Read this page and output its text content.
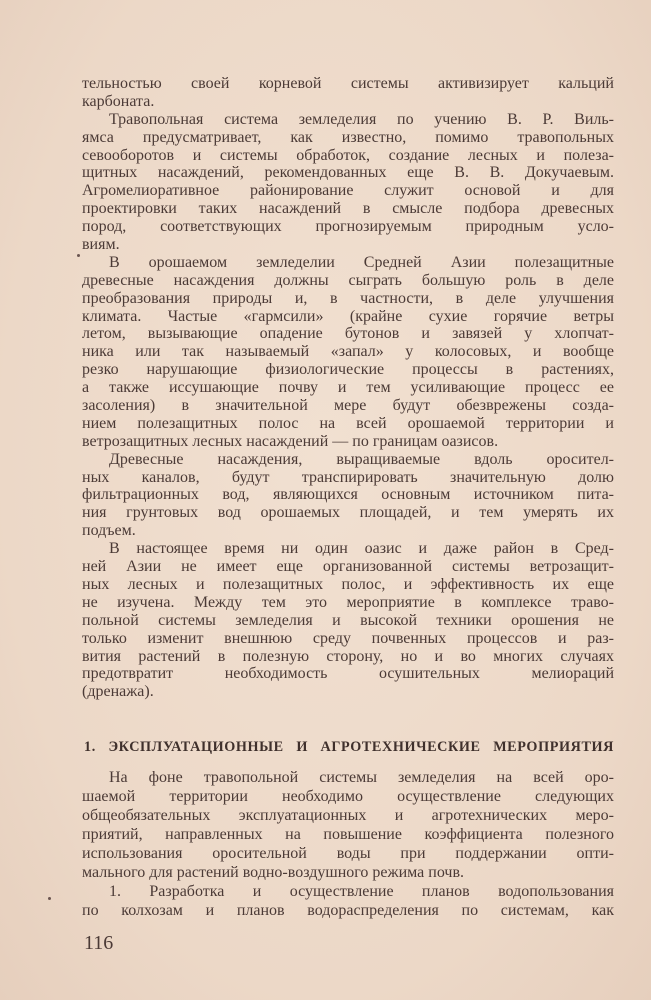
тельностью своей корневой системы активизирует кальций
карбоната.
Травопольная система земледелия по учению В. Р. Виль-
ямса предусматривает, как известно, помимо травопольных
севооборотов и системы обработок, создание лесных и полеза-
щитных насаждений, рекомендованных еще В. В. Докучаевым.
Агромелиоративное районирование служит основой и для
проектировки таких насаждений в смысле подбора древесных
пород, соответствующих прогнозируемым природным усло-
виям.
В орошаемом земледелии Средней Азии полезащитные
древесные насаждения должны сыграть большую роль в деле
преобразования природы и, в частности, в деле улучшения
климата. Частые «гармсили» (крайне сухие горячие ветры
летом, вызывающие опадение бутонов и завязей у хлопчат-
ника или так называемый «запал» у колосовых, и вообще
резко нарушающие физиологические процессы в растениях,
а также иссушающие почву и тем усиливающие процесс ее
засоления) в значительной мере будут обезврежены созда-
нием полезащитных полос на всей орошаемой территории и
ветрозащитных лесных насаждений — по границам оазисов.
Древесные насаждения, выращиваемые вдоль оросител-
ных каналов, будут транспирировать значительную долю
фильтрационных вод, являющихся основным источником пита-
ния грунтовых вод орошаемых площадей, и тем умерять их
подъем.
В настоящее время ни один оазис и даже район в Сред-
ней Азии не имеет еще организованной системы ветрозащит-
ных лесных и полезащитных полос, и эффективность их еще
не изучена. Между тем это мероприятие в комплексе траво-
польной системы земледелия и высокой техники орошения не
только изменит внешнюю среду почвенных процессов и раз-
вития растений в полезную сторону, но и во многих случаях
предотвратит необходимость осушительных мелиораций
(дренажа).
1. ЭКСПЛУАТАЦИОННЫЕ И АГРОТЕХНИЧЕСКИЕ МЕРОПРИЯТИЯ
На фоне травопольной системы земледелия на всей оро-
шаемой территории необходимо осуществление следующих
общеобязательных эксплуатационных и агротехнических меро-
приятий, направленных на повышение коэффициента полезного
использования оросительной воды при поддержании опти-
мального для растений водно-воздушного режима почв.
1. Разработка и осуществление планов водопользования
по колхозам и планов водораспределения по системам, как
116
